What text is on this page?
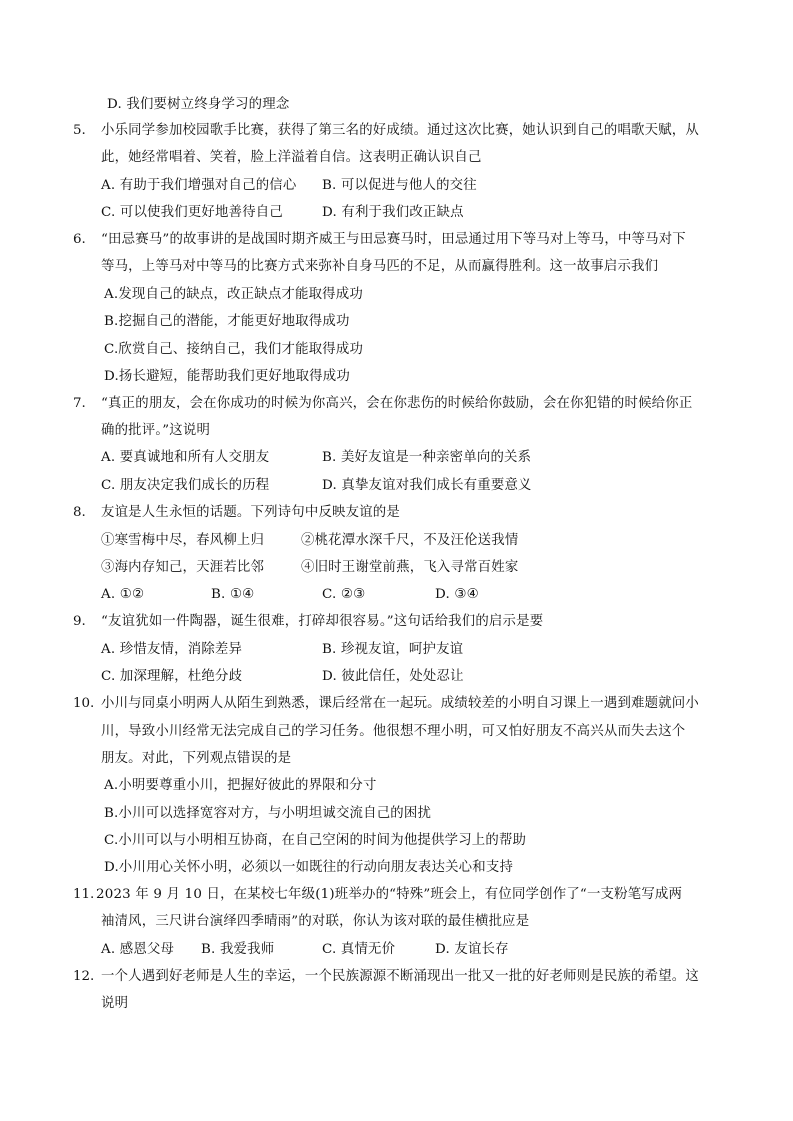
D. 我们要树立终身学习的理念
5. 小乐同学参加校园歌手比赛，获得了第三名的好成绩。通过这次比赛，她认识到自己的唱歌天赋，从
此，她经常唱着、笑着，脸上洋溢着自信。这表明正确认识自己
A. 有助于我们增强对自己的信心 B. 可以促进与他人的交往
C. 可以使我们更好地善待自己	D. 有利于我们改正缺点
6. “田忌赛马”的故事讲的是战国时期齐威王与田忌赛马时，田忌通过用下等马对上等马，中等马对下
等马，上等马对中等马的比赛方式来弥补自身马匹的不足，从而赢得胜利。这一故事启示我们
A.发现自己的缺点，改正缺点才能取得成功
B.挖掘自己的潜能，才能更好地取得成功
C.欣赏自己、接纳自己，我们才能取得成功
D.扬长避短，能帮助我们更好地取得成功
7. “真正的朋友，会在你成功的时候为你高兴，会在你悲伤的时候给你鼓励，会在你犯错的时候给你正
确的批评。”这说明
A. 要真诚地和所有人交朋友	B. 美好友谊是一种亲密单向的关系
C. 朋友决定我们成长的历程	D. 真挚友谊对我们成长有重要意义
8. 友谊是人生永恒的话题。下列诗句中反映友谊的是
①寒雪梅中尽，春风柳上归	②桃花潭水深千尺，不及汪伦送我情
③海内存知己，天涯若比邻	④旧时王谢堂前燕，飞入寻常百姓家
A. ①②	B. ①④	C. ②③	D. ③④
9. “友谊犹如一件陶器，诞生很难，打碎却很容易。”这句话给我们的启示是要
A. 珍惜友情，消除差异	B. 珍视友谊，呵护友谊
C. 加深理解，杜绝分歧	D. 彼此信任，处处忍让
10. 小川与同桌小明两人从陌生到熟悉，课后经常在一起玩。成绩较差的小明自习课上一遇到难题就问小
川，导致小川经常无法完成自己的学习任务。他很想不理小明，可又怕好朋友不高兴从而失去这个
朋友。对此，下列观点错误的是
A.小明要尊重小川，把握好彼此的界限和分寸
B.小川可以选择宽容对方，与小明坦诚交流自己的困扰
C.小川可以与小明相互协商，在自己空闲的时间为他提供学习上的帮助
D.小川用心关怀小明，必须以一如既往的行动向朋友表达关心和支持
11. 2023 年 9 月 10 日，在某校七年级(1)班举办的“特殊”班会上，有位同学创作了“一支粉笔写成两
袖清风，三尺讲台演绎四季晴雨”的对联，你认为该对联的最佳横批应是
A. 感恩父母 B. 我爱我师	C. 真情无价	D. 友谊长存
12. 一个人遇到好老师是人生的幸运，一个民族源源不断涌现出一批又一批的好老师则是民族的希望。这
说明
